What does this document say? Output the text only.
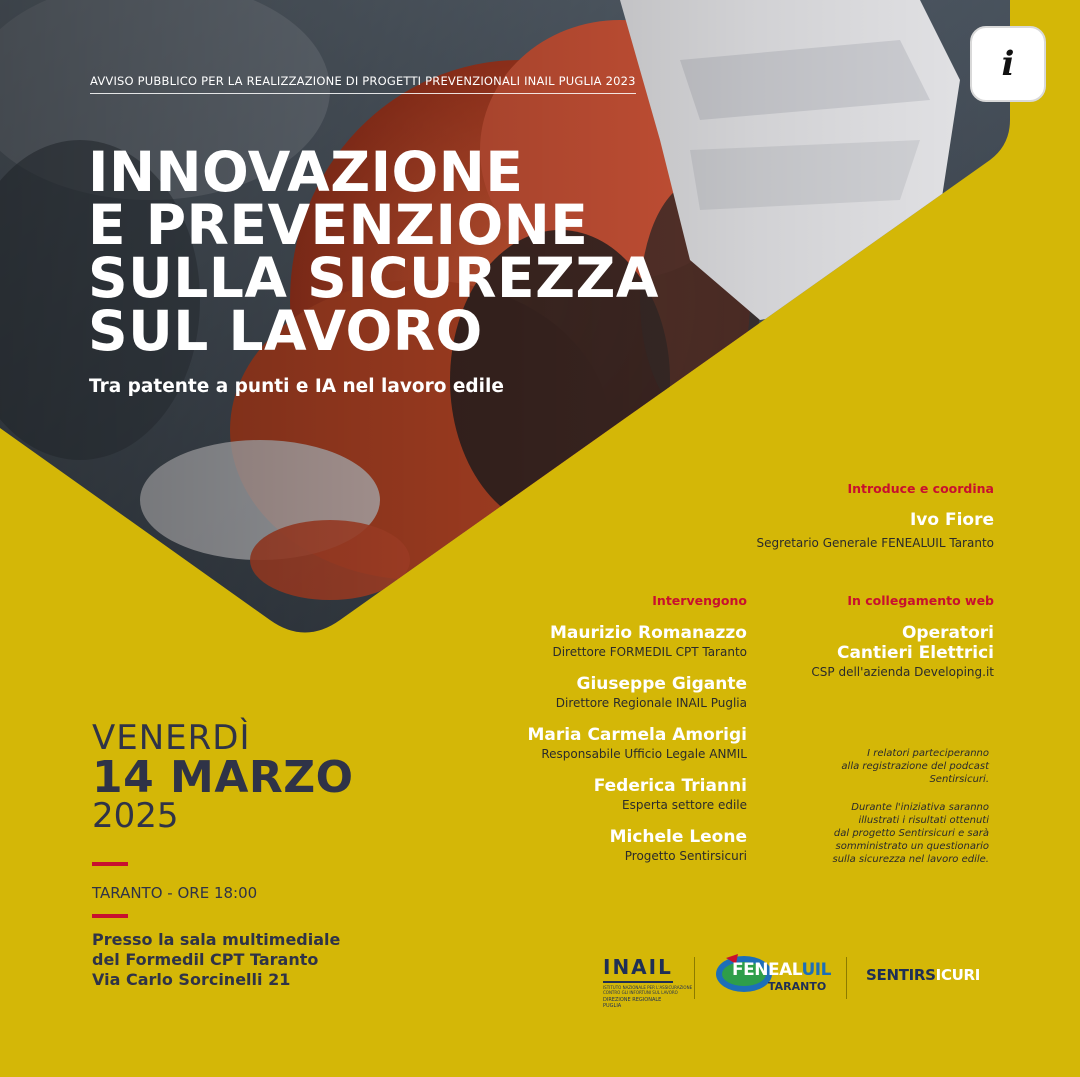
AVVISO PUBBLICO PER LA REALIZZAZIONE DI PROGETTI PREVENZIONALI INAIL PUGLIA 2023
INNOVAZIONE
E PREVENZIONE
SULLA SICUREZZA
SUL LAVORO
Tra patente a punti e IA nel lavoro edile
i
Introduce e coordina
Ivo Fiore
Segretario Generale FENEALUIL Taranto
Intervengono
Maurizio Romanazzo
Direttore FORMEDIL CPT Taranto
Giuseppe Gigante
Direttore Regionale INAIL Puglia
Maria Carmela Amorigi
Responsabile Ufficio Legale ANMIL
Federica Trianni
Esperta settore edile
Michele Leone
Progetto Sentirsicuri
In collegamento web
Operatori
Cantieri Elettrici
CSP dell'azienda Developing.it
I relatori parteciperanno
alla registrazione del podcast
Sentirsicuri.
Durante l'iniziativa saranno
illustrati i risultati ottenuti
dal progetto Sentirsicuri e sarà
somministrato un questionario
sulla sicurezza nel lavoro edile.
VENERDÌ
14 MARZO
2025
TARANTO - ORE 18:00
Presso la sala multimediale
del Formedil CPT Taranto
Via Carlo Sorcinelli 21
INAIL
ISTITUTO NAZIONALE PER L'ASSICURAZIONE
CONTRO GLI INFORTUNI SUL LAVORO
DIREZIONE REGIONALE
PUGLIA
FENEALUIL
TARANTO
SENTIRSICURI
